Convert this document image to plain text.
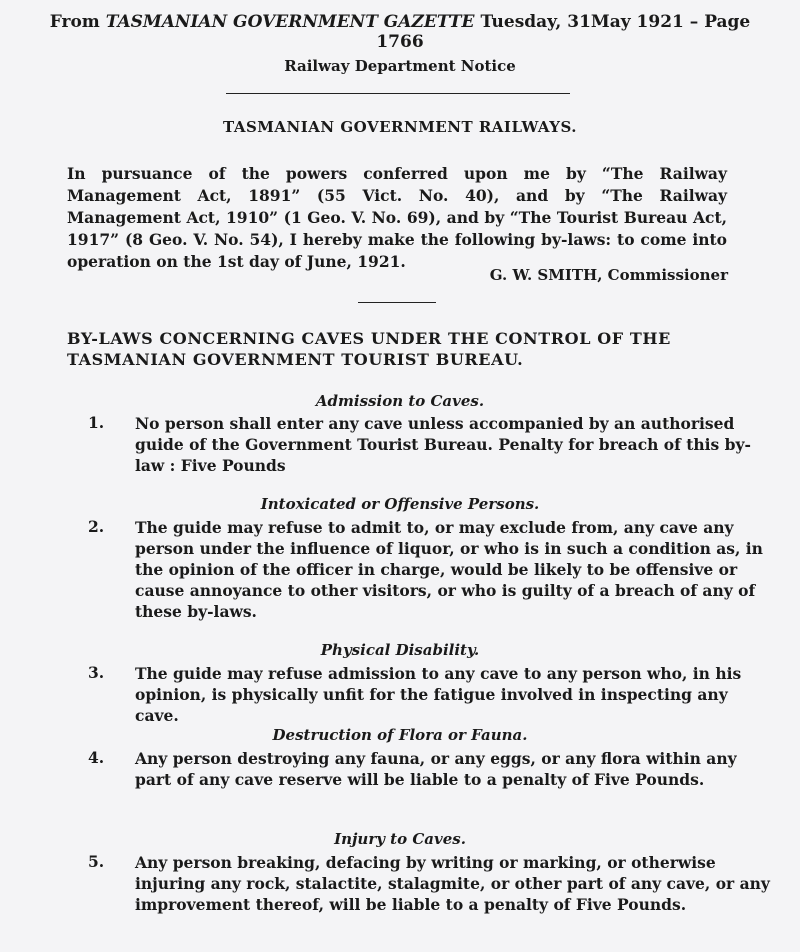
From TASMANIAN GOVERNMENT GAZETTE Tuesday, 31May 1921 – Page 1766
Railway Department Notice
TASMANIAN GOVERNMENT RAILWAYS.
In pursuance of the powers conferred upon me by “The Railway Management Act, 1891” (55 Vict. No. 40), and by “The Railway Management Act, 1910” (1 Geo. V. No. 69), and by “The Tourist Bureau Act, 1917” (8 Geo. V. No. 54), I hereby make the following by-laws: to come into operation on the 1st day of June, 1921.
G. W. SMITH, Commissioner
BY-LAWS CONCERNING CAVES UNDER THE CONTROL OF THE TASMANIAN GOVERNMENT TOURIST BUREAU.
Admission to Caves.
1. No person shall enter any cave unless accompanied by an authorised guide of the Government Tourist Bureau. Penalty for breach of this by-law : Five Pounds
Intoxicated or Offensive Persons.
2. The guide may refuse to admit to, or may exclude from, any cave any person under the influence of liquor, or who is in such a condition as, in the opinion of the officer in charge, would be likely to be offensive or cause annoyance to other visitors, or who is guilty of a breach of any of these by-laws.
Physical Disability.
3. The guide may refuse admission to any cave to any person who, in his opinion, is physically unfit for the fatigue involved in inspecting any cave.
Destruction of Flora or Fauna.
4. Any person destroying any fauna, or any eggs, or any flora within any part of any cave reserve will be liable to a penalty of Five Pounds.
Injury to Caves.
5. Any person breaking, defacing by writing or marking, or otherwise injuring any rock, stalactite, stalagmite, or other part of any cave, or any improvement thereof, will be liable to a penalty of Five Pounds.
